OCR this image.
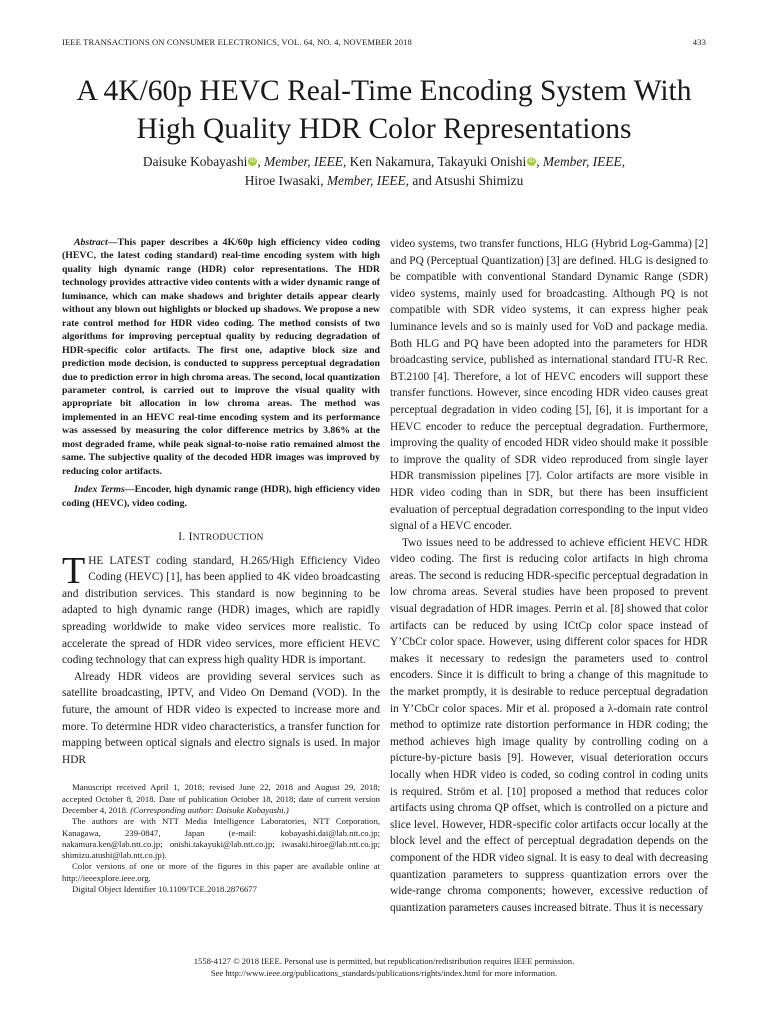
IEEE TRANSACTIONS ON CONSUMER ELECTRONICS, VOL. 64, NO. 4, NOVEMBER 2018	433
A 4K/60p HEVC Real-Time Encoding System With
High Quality HDR Color Representations
Daisuke Kobayashi iD , Member, IEEE, Ken Nakamura, Takayuki Onishi iD , Member, IEEE,
Hiroe Iwasaki, Member, IEEE, and Atsushi Shimizu

Abstract—This paper describes a 4K/60p high efficiency video coding (HEVC, the latest coding standard) real-time encoding system with high quality high dynamic range (HDR) color representations. The HDR technology provides attractive video contents with a wider dynamic range of luminance, which can make shadows and brighter details appear clearly without any blown out highlights or blocked up shadows. We propose a new rate control method for HDR video coding. The method consists of two algorithms for improving perceptual quality by reducing degradation of HDR-specific color artifacts. The first one, adaptive block size and prediction mode decision, is conducted to suppress perceptual degradation due to prediction error in high chroma areas. The second, local quantization parameter control, is carried out to improve the visual quality with appropriate bit allocation in low chroma areas. The method was implemented in an HEVC real-time encoding system and its performance was assessed by measuring the color difference metrics by 3.86% at the most degraded frame, while peak signal-to-noise ratio remained almost the same. The subjective quality of the decoded HDR images was improved by reducing color artifacts.

Index Terms—Encoder, high dynamic range (HDR), high efficiency video coding (HEVC), video coding.

I. INTRODUCTION

THE LATEST coding standard, H.265/High Efficiency Video Coding (HEVC) [1], has been applied to 4K video broadcasting and distribution services. This standard is now beginning to be adapted to high dynamic range (HDR) images, which are rapidly spreading worldwide to make video services more realistic. To accelerate the spread of HDR video services, more efficient HEVC coding technology that can express high quality HDR is important.

Already HDR videos are providing several services such as satellite broadcasting, IPTV, and Video On Demand (VOD). In the future, the amount of HDR video is expected to increase more and more. To determine HDR video characteristics, a transfer function for mapping between optical signals and electro signals is used. In major HDR

Manuscript received April 1, 2018; revised June 22, 2018 and August 29, 2018; accepted October 8, 2018. Date of publication October 18, 2018; date of current version December 4, 2018. (Corresponding author: Daisuke Kobayashi.)

The authors are with NTT Media Intelligence Laboratories, NTT Corporation, Kanagawa, 239-0847, Japan (e-mail: kobayashi.dai@lab.ntt.co.jp; nakamura.ken@lab.ntt.co.jp; onishi.takayuki@lab.ntt.co.jp; iwasaki.hiroe@lab.ntt.co.jp; shimizu.atushi@lab.ntt.co.jp).

Color versions of one or more of the figures in this paper are available online at http://ieeexplore.ieee.org.

Digital Object Identifier 10.1109/TCE.2018.2876677

video systems, two transfer functions, HLG (Hybrid Log-Gamma) [2] and PQ (Perceptual Quantization) [3] are defined. HLG is designed to be compatible with conventional Standard Dynamic Range (SDR) video systems, mainly used for broadcasting. Although PQ is not compatible with SDR video systems, it can express higher peak luminance levels and so is mainly used for VoD and package media. Both HLG and PQ have been adopted into the parameters for HDR broadcasting service, published as international standard ITU-R Rec. BT.2100 [4]. Therefore, a lot of HEVC encoders will support these transfer functions. However, since encoding HDR video causes great perceptual degradation in video coding [5], [6], it is important for a HEVC encoder to reduce the perceptual degradation. Furthermore, improving the quality of encoded HDR video should make it possible to improve the quality of SDR video reproduced from single layer HDR transmission pipelines [7]. Color artifacts are more visible in HDR video coding than in SDR, but there has been insufficient evaluation of perceptual degradation corresponding to the input video signal of a HEVC encoder.

Two issues need to be addressed to achieve efficient HEVC HDR video coding. The first is reducing color artifacts in high chroma areas. The second is reducing HDR-specific perceptual degradation in low chroma areas. Several studies have been proposed to prevent visual degradation of HDR images. Perrin et al. [8] showed that color artifacts can be reduced by using ICtCp color space instead of Y’CbCr color space. However, using different color spaces for HDR makes it necessary to redesign the parameters used to control encoders. Since it is difficult to bring a change of this magnitude to the market promptly, it is desirable to reduce perceptual degradation in Y’CbCr color spaces. Mir et al. proposed a λ-domain rate control method to optimize rate distortion performance in HDR coding; the method achieves high image quality by controlling coding on a picture-by-picture basis [9]. However, visual deterioration occurs locally when HDR video is coded, so coding control in coding units is required. Ström et al. [10] proposed a method that reduces color artifacts using chroma QP offset, which is controlled on a picture and slice level. However, HDR-specific color artifacts occur locally at the block level and the effect of perceptual degradation depends on the component of the HDR video signal. It is easy to deal with decreasing quantization parameters to suppress quantization errors over the wide-range chroma components; however, excessive reduction of quantization parameters causes increased bitrate. Thus it is necessary

1558-4127 © 2018 IEEE. Personal use is permitted, but republication/redistribution requires IEEE permission.
See http://www.ieee.org/publications_standards/publications/rights/index.html for more information.
